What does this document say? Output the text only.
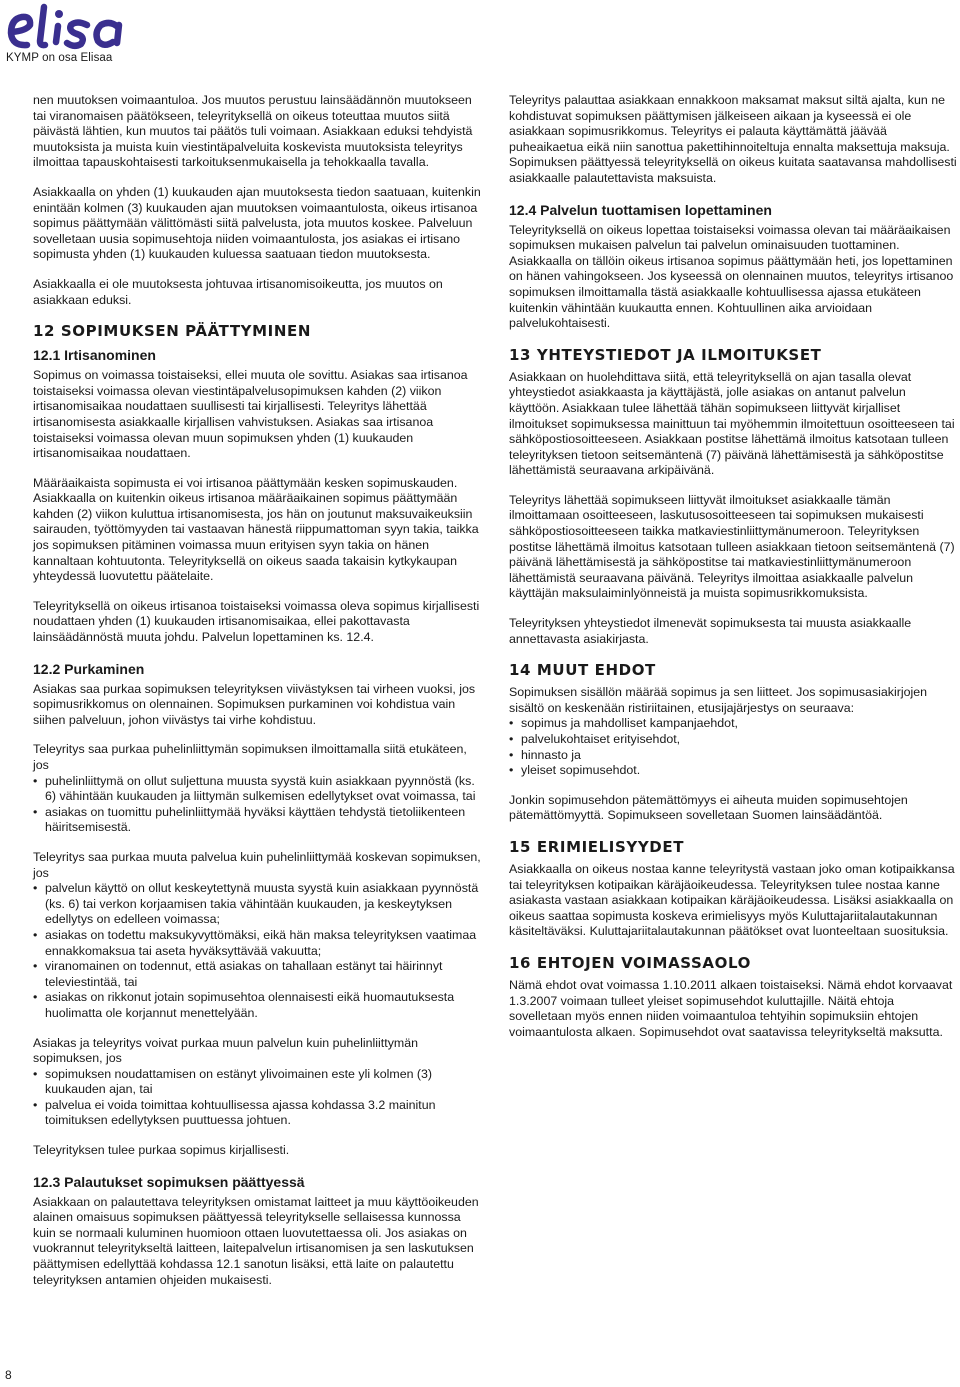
KYMP on osa Elisaa

nen muutoksen voimaantuloa. Jos muutos perustuu lainsäädännön muutokseen tai viranomaisen päätökseen, teleyrityksellä on oikeus toteuttaa muutos siitä päivästä lähtien, kun muutos tai päätös tuli voimaan. Asiakkaan eduksi tehdyistä muutoksista ja muista kuin viestintäpalveluita koskevista muutoksista teleyritys ilmoittaa tapauskohtaisesti tarkoituksenmukaisella ja tehokkaalla tavalla.

Asiakkaalla on yhden (1) kuukauden ajan muutoksesta tiedon saatuaan, kuitenkin enintään kolmen (3) kuukauden ajan muutoksen voimaantulosta, oikeus irtisanoa sopimus päättymään välittömästi siitä palvelusta, jota muutos koskee. Palveluun sovelletaan uusia sopimusehtoja niiden voimaantulosta, jos asiakas ei irtisano sopimusta yhden (1) kuukauden kuluessa saatuaan tiedon muutoksesta.

Asiakkaalla ei ole muutoksesta johtuvaa irtisanomisoikeutta, jos muutos on asiakkaan eduksi.

12 SOPIMUKSEN PÄÄTTYMINEN
12.1 Irtisanominen

Sopimus on voimassa toistaiseksi, ellei muuta ole sovittu. Asiakas saa irtisanoa toistaiseksi voimassa olevan viestintäpalvelusopimuksen kahden (2) viikon irtisanomisaikaa noudattaen suullisesti tai kirjallisesti. Teleyritys lähettää irtisanomisesta asiakkaalle kirjallisen vahvistuksen. Asiakas saa irtisanoa toistaiseksi voimassa olevan muun sopimuksen yhden (1) kuukauden irtisanomisaikaa noudattaen.

Määräaikaista sopimusta ei voi irtisanoa päättymään kesken sopimuskauden. Asiakkaalla on kuitenkin oikeus irtisanoa määräaikainen sopimus päättymään kahden (2) viikon kuluttua irtisanomisesta, jos hän on joutunut maksuvaikeuksiin sairauden, työttömyyden tai vastaavan hänestä riippumattoman syyn takia, taikka jos sopimuksen pitäminen voimassa muun erityisen syyn takia on hänen kannaltaan kohtuutonta. Teleyrityksellä on oikeus saada takaisin kytkykaupan yhteydessä luovutettu päätelaite.

Teleyrityksellä on oikeus irtisanoa toistaiseksi voimassa oleva sopimus kirjallisesti noudattaen yhden (1) kuukauden irtisanomisaikaa, ellei pakottavasta lainsäädännöstä muuta johdu. Palvelun lopettaminen ks. 12.4.

12.2 Purkaminen

Asiakas saa purkaa sopimuksen teleyrityksen viivästyksen tai virheen vuoksi, jos sopimusrikkomus on olennainen. Sopimuksen purkaminen voi kohdistua vain siihen palveluun, johon viivästys tai virhe kohdistuu.

Teleyritys saa purkaa puhelinliittymän sopimuksen ilmoittamalla siitä etukäteen, jos

• puhelinliittymä on ollut suljettuna muusta syystä kuin asiakkaan pyynnöstä (ks. 6) vähintään kuukauden ja liittymän sulkemisen edellytykset ovat voimassa, tai
• asiakas on tuomittu puhelinliittymää hyväksi käyttäen tehdystä tietoliikenteen häiritsemisestä.

Teleyritys saa purkaa muuta palvelua kuin puhelinliittymää koskevan sopimuksen, jos

• palvelun käyttö on ollut keskeytettynä muusta syystä kuin asiakkaan pyynnöstä (ks. 6) tai verkon korjaamisen takia vähintään kuukauden, ja keskeytyksen edellytys on edelleen voimassa;
• asiakas on todettu maksukyvyttömäksi, eikä hän maksa teleyrityksen vaatimaa ennakkomaksua tai aseta hyväksyttävää vakuutta;
• viranomainen on todennut, että asiakas on tahallaan estänyt tai häirinnyt televiestintää, tai
• asiakas on rikkonut jotain sopimusehtoa olennaisesti eikä huomautuksesta huolimatta ole korjannut menettelyään.

Asiakas ja teleyritys voivat purkaa muun palvelun kuin puhelinliittymän sopimuksen, jos

• sopimuksen noudattamisen on estänyt ylivoimainen este yli kolmen (3) kuukauden ajan, tai
• palvelua ei voida toimittaa kohtuullisessa ajassa kohdassa 3.2 mainitun toimituksen edellytyksen puuttuessa johtuen.

Teleyrityksen tulee purkaa sopimus kirjallisesti.

12.3 Palautukset sopimuksen päättyessä

Asiakkaan on palautettava teleyrityksen omistamat laitteet ja muu käyttöoikeuden alainen omaisuus sopimuksen päättyessä teleyritykselle sellaisessa kunnossa kuin se normaali kuluminen huomioon ottaen luovutettaessa oli. Jos asiakas on vuokrannut teleyritykseltä laitteen, laitepalvelun irtisanomisen ja sen laskutuksen päättymisen edellyttää kohdassa 12.1 sanotun lisäksi, että laite on palautettu teleyrityksen antamien ohjeiden mukaisesti.

Teleyritys palauttaa asiakkaan ennakkoon maksamat maksut siltä ajalta, kun ne kohdistuvat sopimuksen päättymisen jälkeiseen aikaan ja kyseessä ei ole asiakkaan sopimusrikkomus. Teleyritys ei palauta käyttämättä jäävää puheaikaetua eikä niin sanottua pakettihinnoiteltuja ennalta maksettuja maksuja. Sopimuksen päättyessä teleyrityksellä on oikeus kuitata saatavansa mahdollisesti asiakkaalle palautettavista maksuista.

12.4 Palvelun tuottamisen lopettaminen

Teleyrityksellä on oikeus lopettaa toistaiseksi voimassa olevan tai määräaikaisen sopimuksen mukaisen palvelun tai palvelun ominaisuuden tuottaminen. Asiakkaalla on tällöin oikeus irtisanoa sopimus päättymään heti, jos lopettaminen on hänen vahingokseen. Jos kyseessä on olennainen muutos, teleyritys irtisanoo sopimuksen ilmoittamalla tästä asiakkaalle kohtuullisessa ajassa etukäteen kuitenkin vähintään kuukautta ennen. Kohtuullinen aika arvioidaan palvelukohtaisesti.

13 YHTEYSTIEDOT JA ILMOITUKSET

Asiakkaan on huolehdittava siitä, että teleyrityksellä on ajan tasalla olevat yhteystiedot asiakkaasta ja käyttäjästä, jolle asiakas on antanut palvelun käyttöön. Asiakkaan tulee lähettää tähän sopimukseen liittyvät kirjalliset ilmoitukset sopimuksessa mainittuun tai myöhemmin ilmoitettuun osoitteeseen tai sähköpostiosoitteeseen. Asiakkaan postitse lähettämä ilmoitus katsotaan tulleen teleyrityksen tietoon seitsemäntenä (7) päivänä lähettämisestä ja sähköpostitse lähettämistä seuraavana arkipäivänä.

Teleyritys lähettää sopimukseen liittyvät ilmoitukset asiakkaalle tämän ilmoittamaan osoitteeseen, laskutusosoitteeseen tai sopimuksen mukaisesti sähköpostiosoitteeseen taikka matkaviestinliittymänumeroon. Teleyrityksen postitse lähettämä ilmoitus katsotaan tulleen asiakkaan tietoon seitsemäntenä (7) päivänä lähettämisestä ja sähköpostitse tai matkaviestinliittymänumeroon lähettämistä seuraavana päivänä. Teleyritys ilmoittaa asiakkaalle palvelun käyttäjän maksulaiminlyönneistä ja muista sopimusrikkomuksista.

Teleyrityksen yhteystiedot ilmenevät sopimuksesta tai muusta asiakkaalle annettavasta asiakirjasta.

14 MUUT EHDOT

Sopimuksen sisällön määrää sopimus ja sen liitteet. Jos sopimusasiakirjojen sisältö on keskenään ristiriitainen, etusijajärjestys on seuraava:

• sopimus ja mahdolliset kampanjaehdot,
• palvelukohtaiset erityisehdot,
• hinnasto ja
• yleiset sopimusehdot.

Jonkin sopimusehdon pätemättömyys ei aiheuta muiden sopimusehtojen pätemättömyyttä. Sopimukseen sovelletaan Suomen lainsäädäntöä.

15 ERIMIELISYYDET

Asiakkaalla on oikeus nostaa kanne teleyritystä vastaan joko oman kotipaikkansa tai teleyrityksen kotipaikan käräjäoikeudessa. Teleyrityksen tulee nostaa kanne asiakasta vastaan asiakkaan kotipaikan käräjäoikeudessa. Lisäksi asiakkaalla on oikeus saattaa sopimusta koskeva erimielisyys myös Kuluttajariitalautakunnan käsiteltäväksi. Kuluttajariitalautakunnan päätökset ovat luonteeltaan suosituksia.

16 EHTOJEN VOIMASSAOLO

Nämä ehdot ovat voimassa 1.10.2011 alkaen toistaiseksi. Nämä ehdot korvaavat 1.3.2007 voimaan tulleet yleiset sopimusehdot kuluttajille. Näitä ehtoja sovelletaan myös ennen niiden voimaantuloa tehtyihin sopimuksiin ehtojen voimaantulosta alkaen. Sopimusehdot ovat saatavissa teleyritykseltä maksutta.

8
